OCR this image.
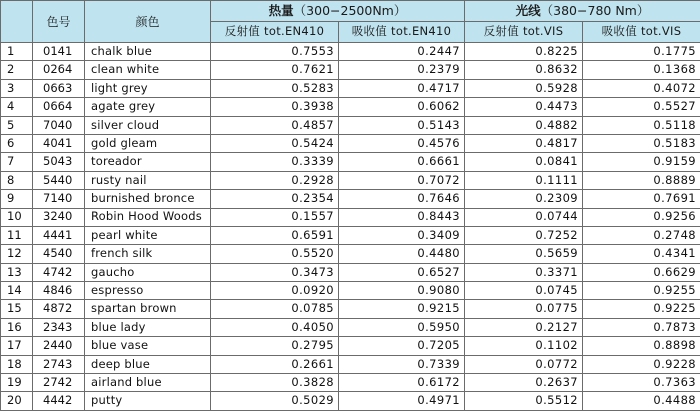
	色号	颜色	热量（300−2500Nm）		光线（380−780 Nm）	
			反射值 tot.EN410	吸收值 tot.EN410	反射值 tot.VIS	吸收值 tot.VIS
1	0141	chalk blue	0.7553	0.2447	0.8225	0.1775
2	0264	clean white	0.7621	0.2379	0.8632	0.1368
3	0663	light grey	0.5283	0.4717	0.5928	0.4072
4	0664	agate grey	0.3938	0.6062	0.4473	0.5527
5	7040	silver cloud	0.4857	0.5143	0.4882	0.5118
6	4041	gold gleam	0.5424	0.4576	0.4817	0.5183
7	5043	toreador	0.3339	0.6661	0.0841	0.9159
8	5440	rusty nail	0.2928	0.7072	0.1111	0.8889
9	7140	burnished bronce	0.2354	0.7646	0.2309	0.7691
10	3240	Robin Hood Woods	0.1557	0.8443	0.0744	0.9256
11	4441	pearl white	0.6591	0.3409	0.7252	0.2748
12	4540	french silk	0.5520	0.4480	0.5659	0.4341
13	4742	gaucho	0.3473	0.6527	0.3371	0.6629
14	4846	espresso	0.0920	0.9080	0.0745	0.9255
15	4872	spartan brown	0.0785	0.9215	0.0775	0.9225
16	2343	blue lady	0.4050	0.5950	0.2127	0.7873
17	2440	blue vase	0.2795	0.7205	0.1102	0.8898
18	2743	deep blue	0.2661	0.7339	0.0772	0.9228
19	2742	airland blue	0.3828	0.6172	0.2637	0.7363
20	4442	putty	0.5029	0.4971	0.5512	0.4488
